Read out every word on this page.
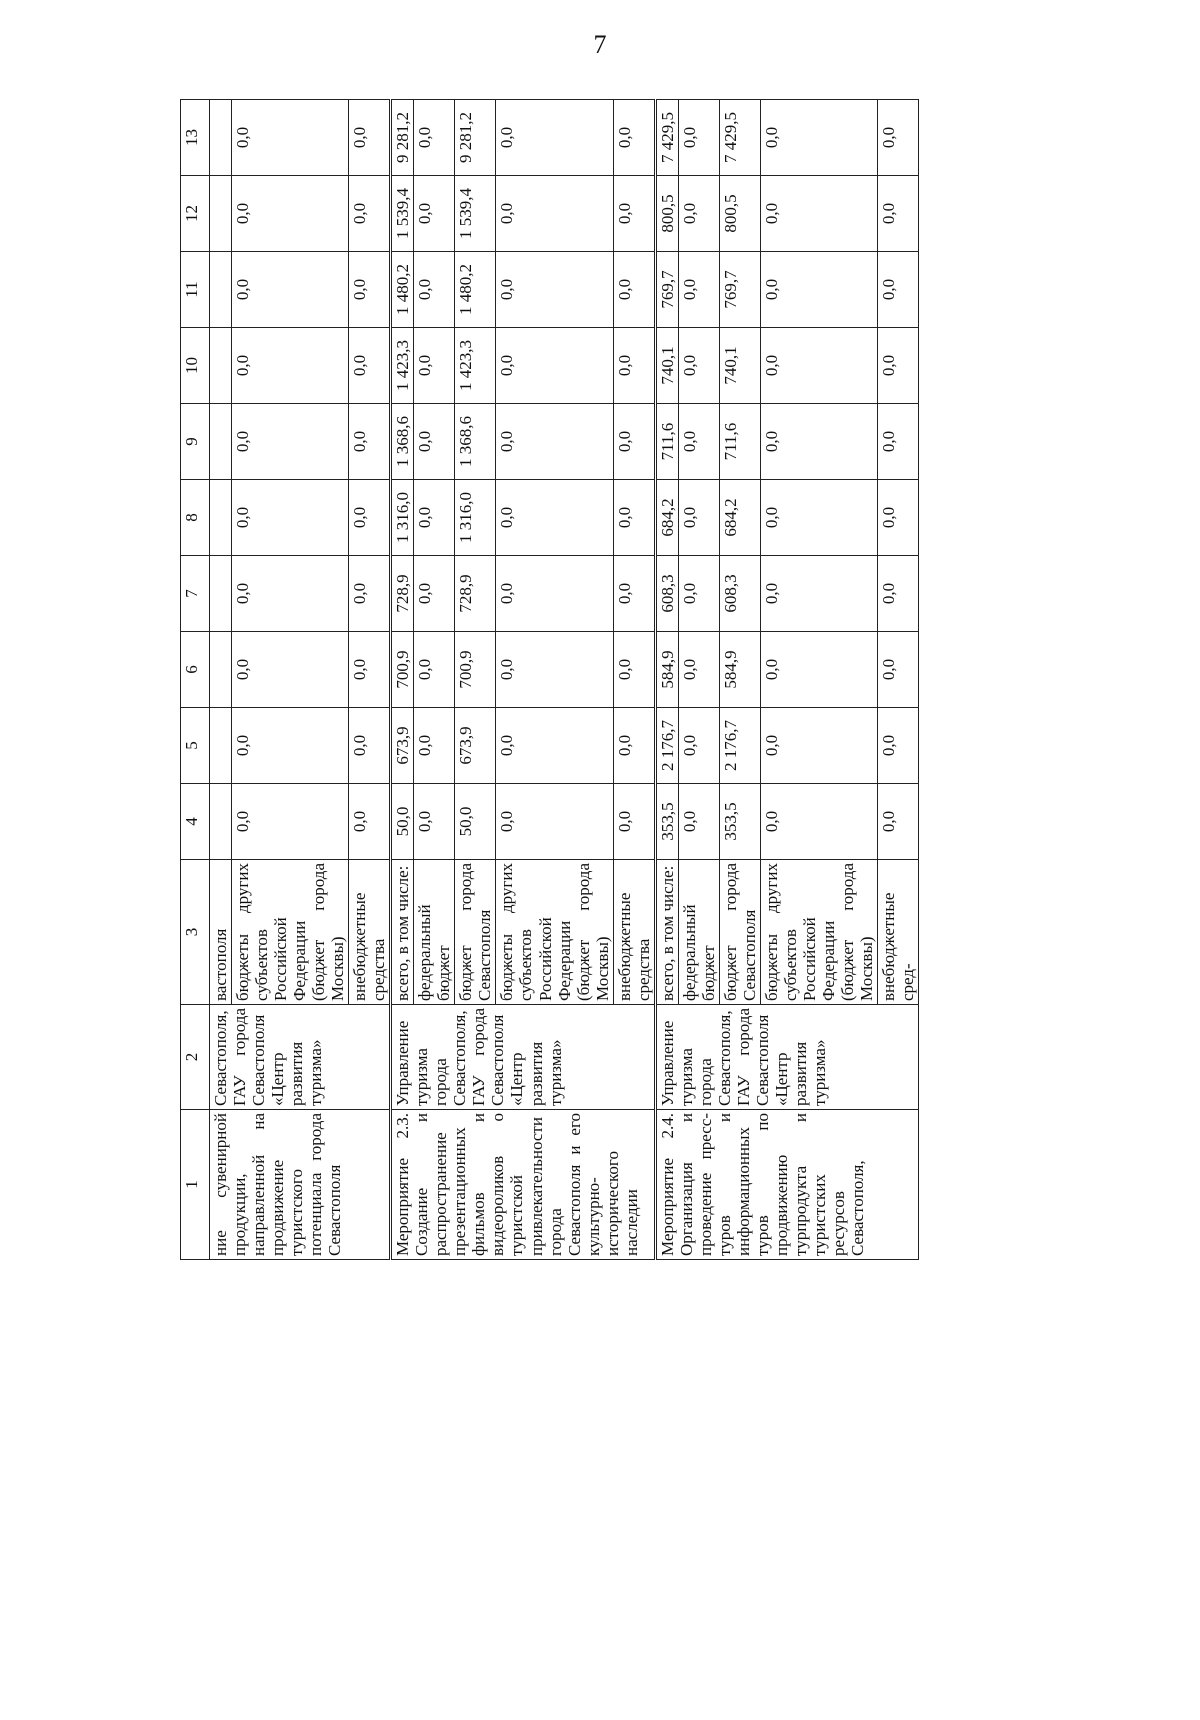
7
1	2	3	4	5	6	7	8	9	10	11	12	13
ние сувенирной продукции, направленной на продвижение туристского потенциала города Севастополя	Севастополя, ГАУ города Севастополя «Центр развития туризма»	вастополя										
		бюджеты других субъектов Российской Федерации (бюджет города Москвы)	0,0	0,0	0,0	0,0	0,0	0,0	0,0	0,0	0,0	0,0
		внебюджетные средства	0,0	0,0	0,0	0,0	0,0	0,0	0,0	0,0	0,0	0,0
Мероприятие 2.3. Создание и распространение презентационных фильмов и видеороликов о туристской привлекательности города Севастополя и его культурно-исторического наследии	Управление туризма города Севастополя, ГАУ города Севастополя «Центр развития туризма»	всего, в том числе:	50,0	673,9	700,9	728,9	1 316,0	1 368,6	1 423,3	1 480,2	1 539,4	9 281,2
		федеральный бюджет	0,0	0,0	0,0	0,0	0,0	0,0	0,0	0,0	0,0	0,0
		бюджет города Севастополя	50,0	673,9	700,9	728,9	1 316,0	1 368,6	1 423,3	1 480,2	1 539,4	9 281,2
		бюджеты других субъектов Российской Федерации (бюджет города Москвы)	0,0	0,0	0,0	0,0	0,0	0,0	0,0	0,0	0,0	0,0
		внебюджетные средства	0,0	0,0	0,0	0,0	0,0	0,0	0,0	0,0	0,0	0,0
Мероприятие 2.4. Организация и проведение пресс-туров и информационных туров по продвижению турпродукта и туристских ресурсов Севастополя,	Управление туризма города Севастополя, ГАУ города Севастополя «Центр развития туризма»	всего, в том числе:	353,5	2 176,7	584,9	608,3	684,2	711,6	740,1	769,7	800,5	7 429,5
		федеральный бюджет	0,0	0,0	0,0	0,0	0,0	0,0	0,0	0,0	0,0	0,0
		бюджет города Севастополя	353,5	2 176,7	584,9	608,3	684,2	711,6	740,1	769,7	800,5	7 429,5
		бюджеты других субъектов Российской Федерации (бюджет города Москвы)	0,0	0,0	0,0	0,0	0,0	0,0	0,0	0,0	0,0	0,0
		внебюджетные сред-	0,0	0,0	0,0	0,0	0,0	0,0	0,0	0,0	0,0	0,0
